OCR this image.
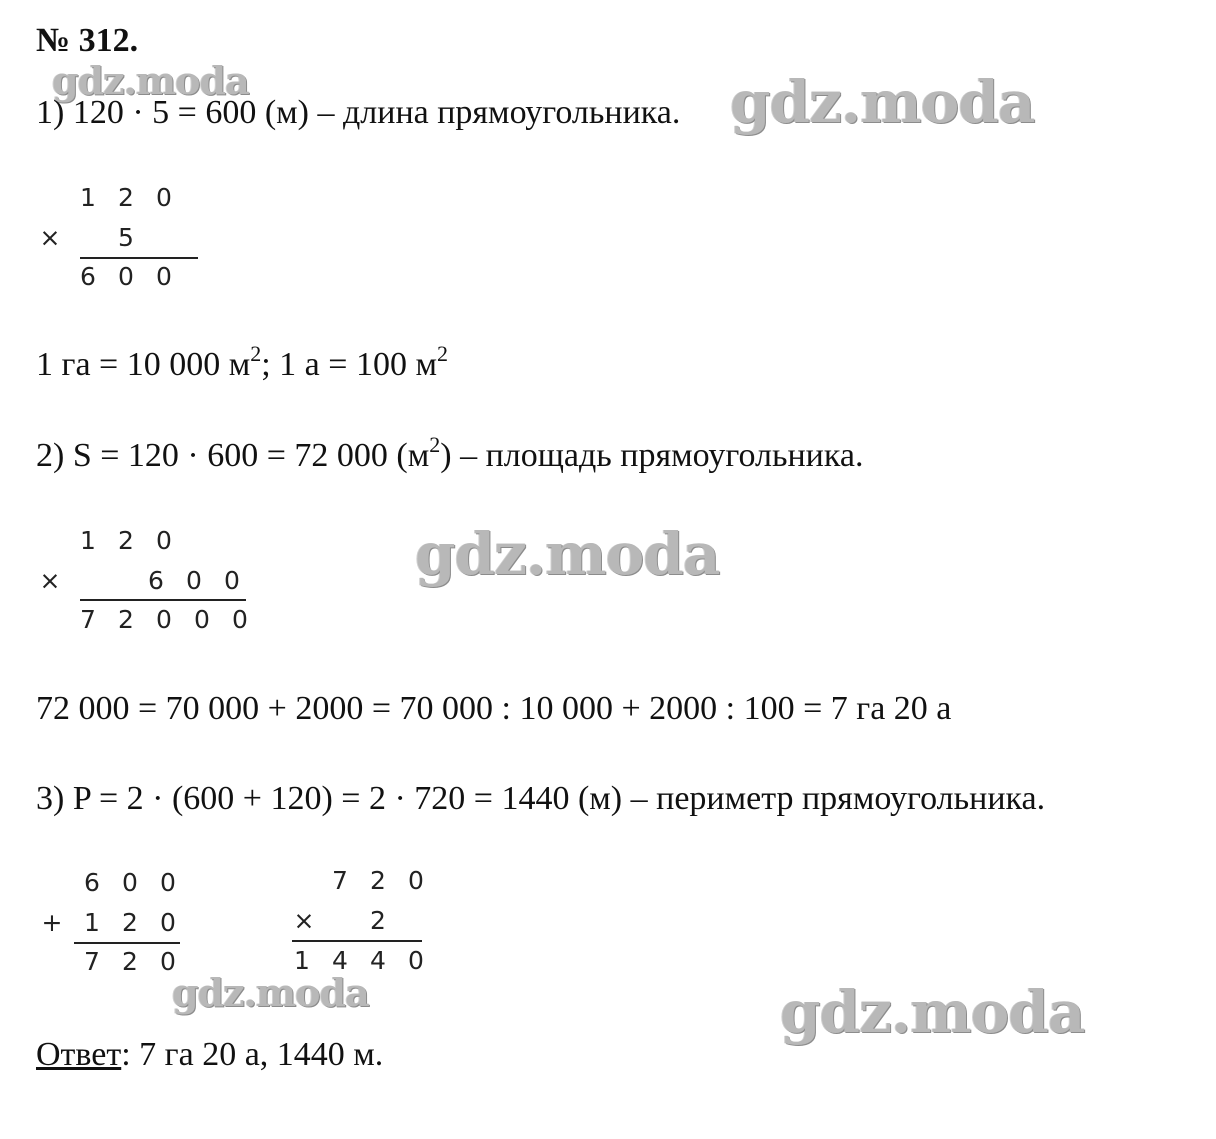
№ 312.
gdz.moda	gdz.moda
gdz.moda
gdz.moda	gdz.moda
1) 120 · 5 = 600 (м) – длина прямоугольника.
1 2 0
×	5
6 0 0
1 га = 10 000 $м^2$; 1 а = 100 $м^2$
2) S = 120 · 600 = 72 000 $(м^2)$ – площадь прямоугольника.
1 2 0
×	6 0 0
7 2 0 0 0
72 000 = 70 000 + 2000 = 70 000 : 10 000 + 2000 : 100 = 7 га 20 а
3) P = 2 · (600 + 120) = 2 · 720 = 1440 (м) – периметр прямоугольника.
6 0 0
+ 1 2 0
7 2 0
7 2 0
×	2
1 4 4 0
Ответ: 7 га 20 а, 1440 м.
